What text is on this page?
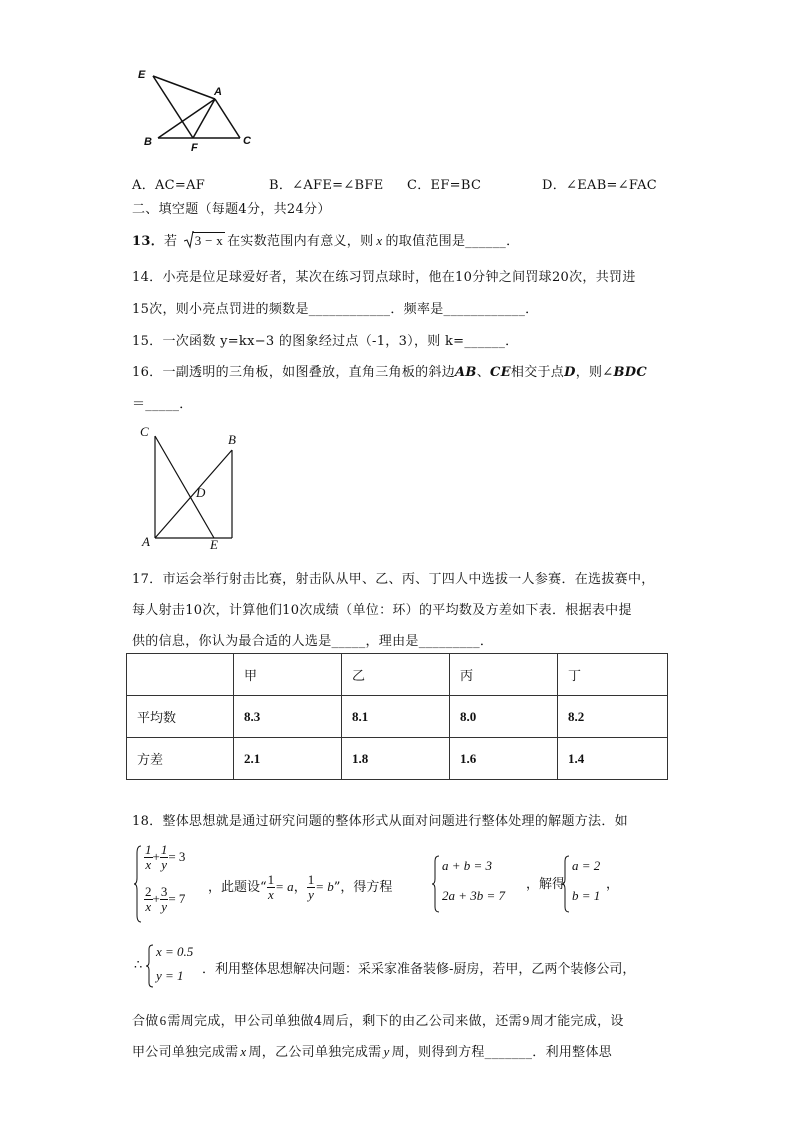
E
A
B	F
C
A．AC=AF	B．∠AFE=∠BFE C．EF=BC	D．∠EAB=∠FAC
二、填空题（每题4分，共24分）
13．若 3 − x 在实数范围内有意义，则 x 的取值范围是______．
14．小亮是位足球爱好者，某次在练习罚点球时，他在10分钟之间罚球20次，共罚进
15次，则小亮点罚进的频数是____________．频率是____________．
15．一次函数 y=kx−3 的图象经过点（-1，3），则 k=______．
16．一副透明的三角板，如图叠放，直角三角板的斜边AB、CE相交于点D，则∠BDC
＝_____．
C
B
D
A	E
17．市运会举行射击比赛，射击队从甲、乙、丙、丁四人中选拔一人参赛．在选拔赛中，
每人射击10次，计算他们10次成绩（单位：环）的平均数及方差如下表．根据表中提
供的信息，你认为最合适的人选是_____，理由是_________．
	甲	乙	丙	丁
平均数	8.3	8.1	8.0	8.2
方差	2.1	1.8	1.6	1.4
18．整体思想就是通过研究问题的整体形式从面对问题进行整体处理的解题方法．如
$\frac{1}{x} + \frac{1}{y} = 3$
$\frac{2}{x} + \frac{3}{y} = 7$
，此题设“ $\frac{1}{x} = a$， $\frac{1}{y} = b$”，得方程
a + b = 3
2a + 3b = 7
，解得
a = 2
b = 1
，
∴
x = 0.5
y = 1 ．利用整体思想解决问题：采采家准备装修-厨房，若甲，乙两个装修公司，
合做6需周完成，甲公司单独做4周后，剩下的由乙公司来做，还需9周才能完成，设
甲公司单独完成需 x 周，乙公司单独完成需 y 周，则得到方程_______．利用整体思
